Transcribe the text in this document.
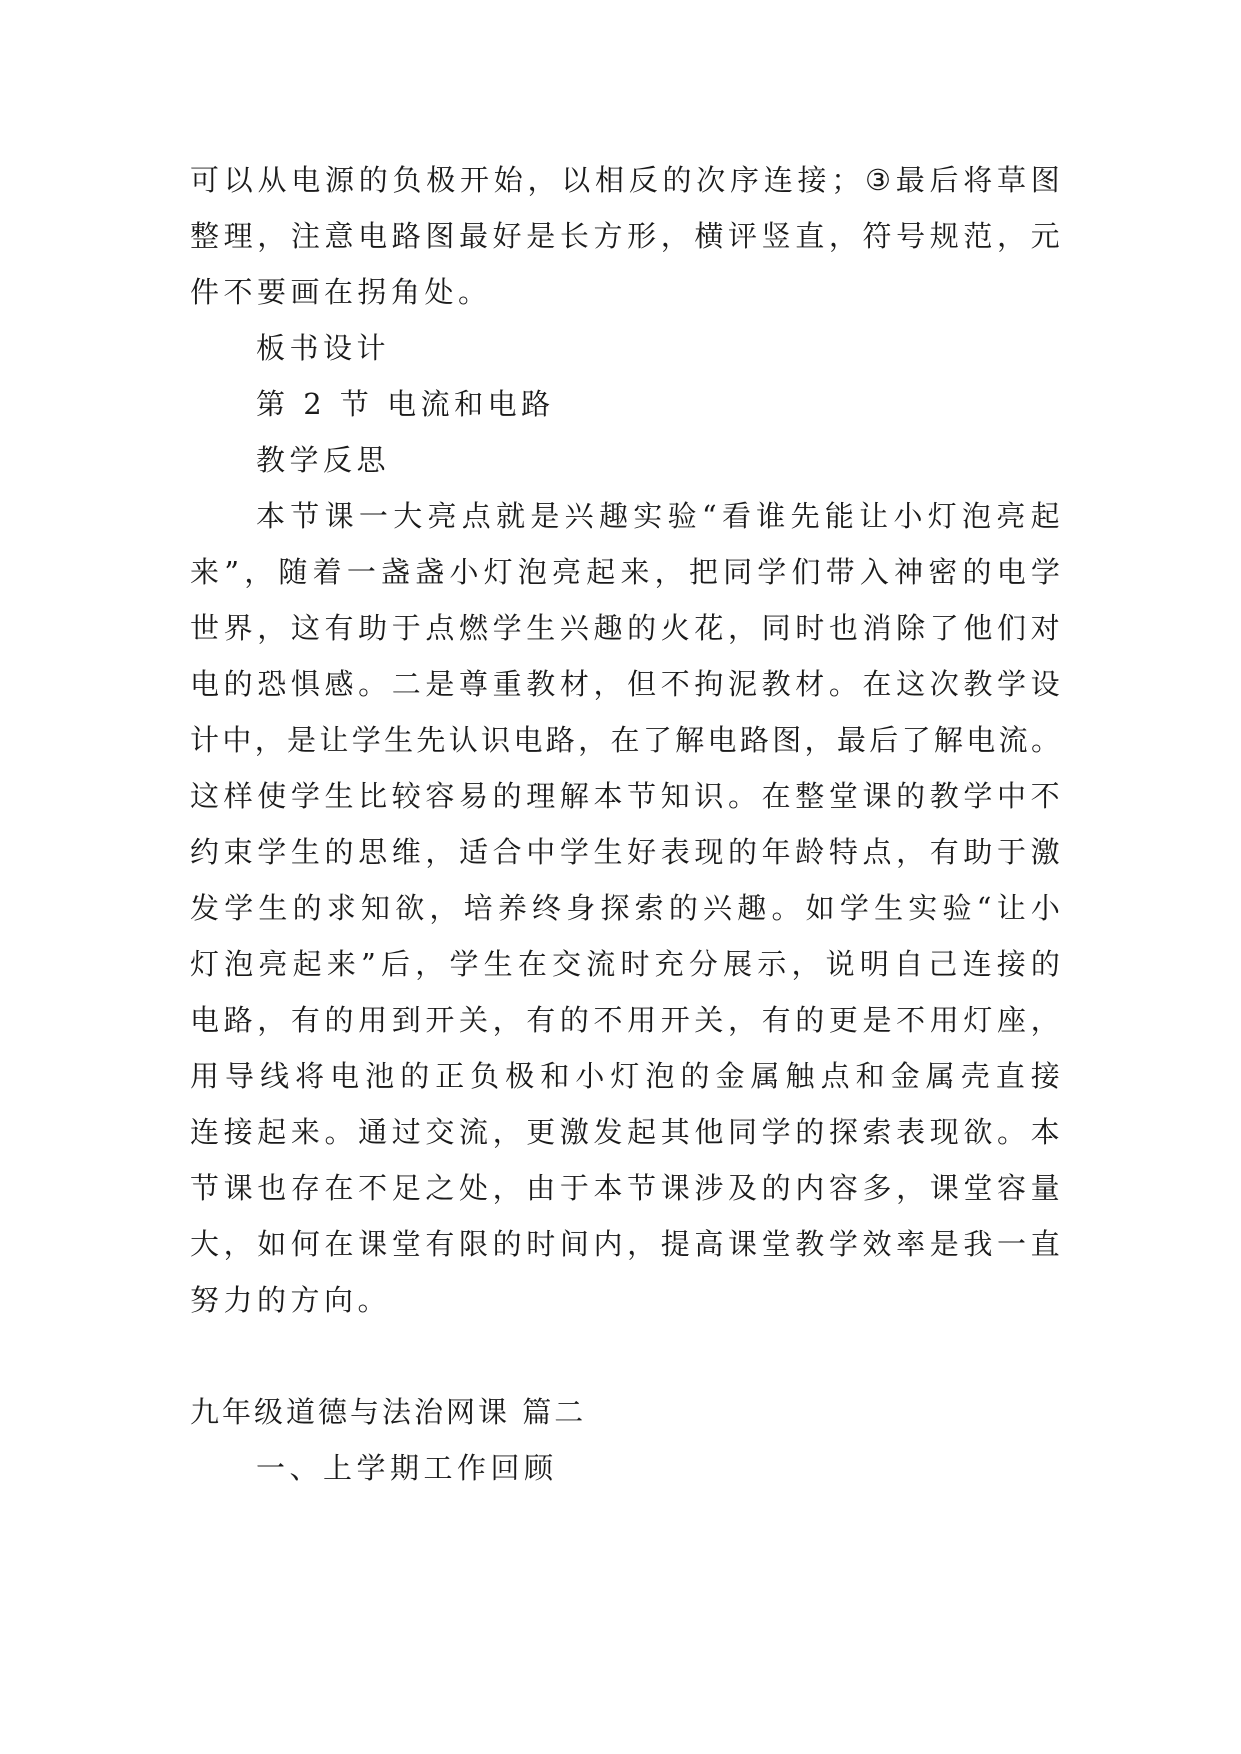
可 以 从 电 源 的 负 极 开 始 ， 以 相 反 的 次 序 连 接 ； ③ 最 后 将 草 图
整 理 ， 注 意 电 路 图 最 好 是 长 方 形 ， 横 评 竖 直 ， 符 号 规 范 ， 元
件不要画在拐角处。
板书设计
第 2 节 电流和电路
教学反思
本 节 课 一 大 亮 点 就 是 兴 趣 实 验 “ 看 谁 先 能 让 小 灯 泡 亮 起
来 ” ， 随 着 一 盏 盏 小 灯 泡 亮 起 来 ， 把 同 学 们 带 入 神 密 的 电 学
世 界 ， 这 有 助 于 点 燃 学 生 兴 趣 的 火 花 ， 同 时 也 消 除 了 他 们 对
电 的 恐 惧 感 。 二 是 尊 重 教 材 ， 但 不 拘 泥 教 材 。 在 这 次 教 学 设
计 中 ， 是 让 学 生 先 认 识 电 路 ， 在 了 解 电 路 图 ， 最 后 了 解 电 流 。
这 样 使 学 生 比 较 容 易 的 理 解 本 节 知 识 。 在 整 堂 课 的 教 学 中 不
约 束 学 生 的 思 维 ， 适 合 中 学 生 好 表 现 的 年 龄 特 点 ， 有 助 于 激
发 学 生 的 求 知 欲 ， 培 养 终 身 探 索 的 兴 趣 。 如 学 生 实 验 “ 让 小
灯 泡 亮 起 来 ” 后 ， 学 生 在 交 流 时 充 分 展 示 ， 说 明 自 己 连 接 的
电 路 ， 有 的 用 到 开 关 ， 有 的 不 用 开 关 ， 有 的 更 是 不 用 灯 座 ，
用 导 线 将 电 池 的 正 负 极 和 小 灯 泡 的 金 属 触 点 和 金 属 壳 直 接
连 接 起 来 。 通 过 交 流 ， 更 激 发 起 其 他 同 学 的 探 索 表 现 欲 。 本
节 课 也 存 在 不 足 之 处 ， 由 于 本 节 课 涉 及 的 内 容 多 ， 课 堂 容 量
大 ， 如 何 在 课 堂 有 限 的 时 间 内 ， 提 高 课 堂 教 学 效 率 是 我 一 直
努力的方向。
九年级道德与法治网课 篇二
一、上学期工作回顾
